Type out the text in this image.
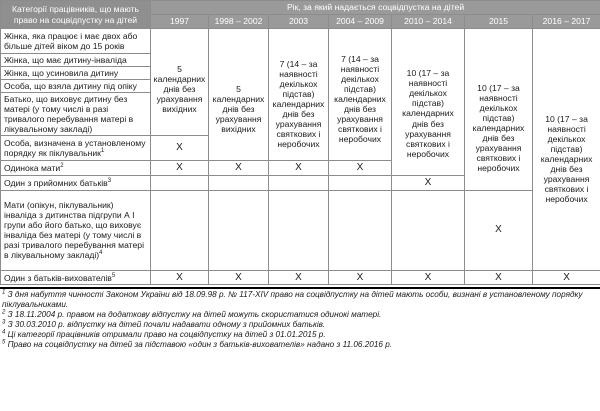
Категорії працівників, що мають право на соцвідпустку на дітей	Рік, за який надається соцвідпустка на дітей						
	1997	1998 – 2002	2003	2004 – 2009	2010 – 2014	2015	2016 – 2017
Жінка, яка працює і має двох або більше дітей віком до 15 років	5 календарних днів без урахування вихідних	5 календарних днів без урахування вихідних	7 (14 – за наявності декількох підстав) календарних днів без урахування святкових і неробочих	7 (14 – за наявності декількох підстав) календарних днів без урахування святкових і неробочих	10 (17 – за наявності декількох підстав) календарних днів без урахування святкових і неробочих	10 (17 – за наявності декількох підстав) календарних днів без урахування святкових і неробочих	10 (17 – за наявності декількох підстав) календарних днів без урахування святкових і неробочих
Жінка, що має дитину-інваліда							
Жінка, що усиновила дитину							
Особа, що взяла дитину під опіку							
Батько, що виховує дитину без матері (у тому числі в разі тривалого перебування матері в лікувальному закладі)							
Особа, визначена в установленому порядку як піклувальник$^1$	X						
Одинока мати$^2$	X	X	X	X			
Один з прийомних батьків$^3$					X		
Мати (опікун, піклувальник) інваліда з дитинства підгрупи А I групи або його батько, що виховує інваліда без матері (у тому числі в разі тривалого перебування матері в лікувальному закладі)$^4$						X	
Один з батьків-вихователів$^5$	X	X	X	X	X	X	X

$^1$ З дня набуття чинності Законом України від 18.09.98 р. № 117-XIV право на соцвідпустку на дітей мають особи, визнані в установленому порядку піклувальниками.

$^2$ З 18.11.2004 р. правом на додаткову відпустку на дітей можуть скористатися одинокі матері.

$^3$ З 30.03.2010 р. відпустку на дітей почали надавати одному з прийомних батьків.

$^4$ Ці категорії працівників отримали право на соцвідпустку на дітей з 01.01.2015 р.

$^5$ Право на соцвідпустку на дітей за підставою «один з батьків-вихователів» надано з 11.06.2016 р.
